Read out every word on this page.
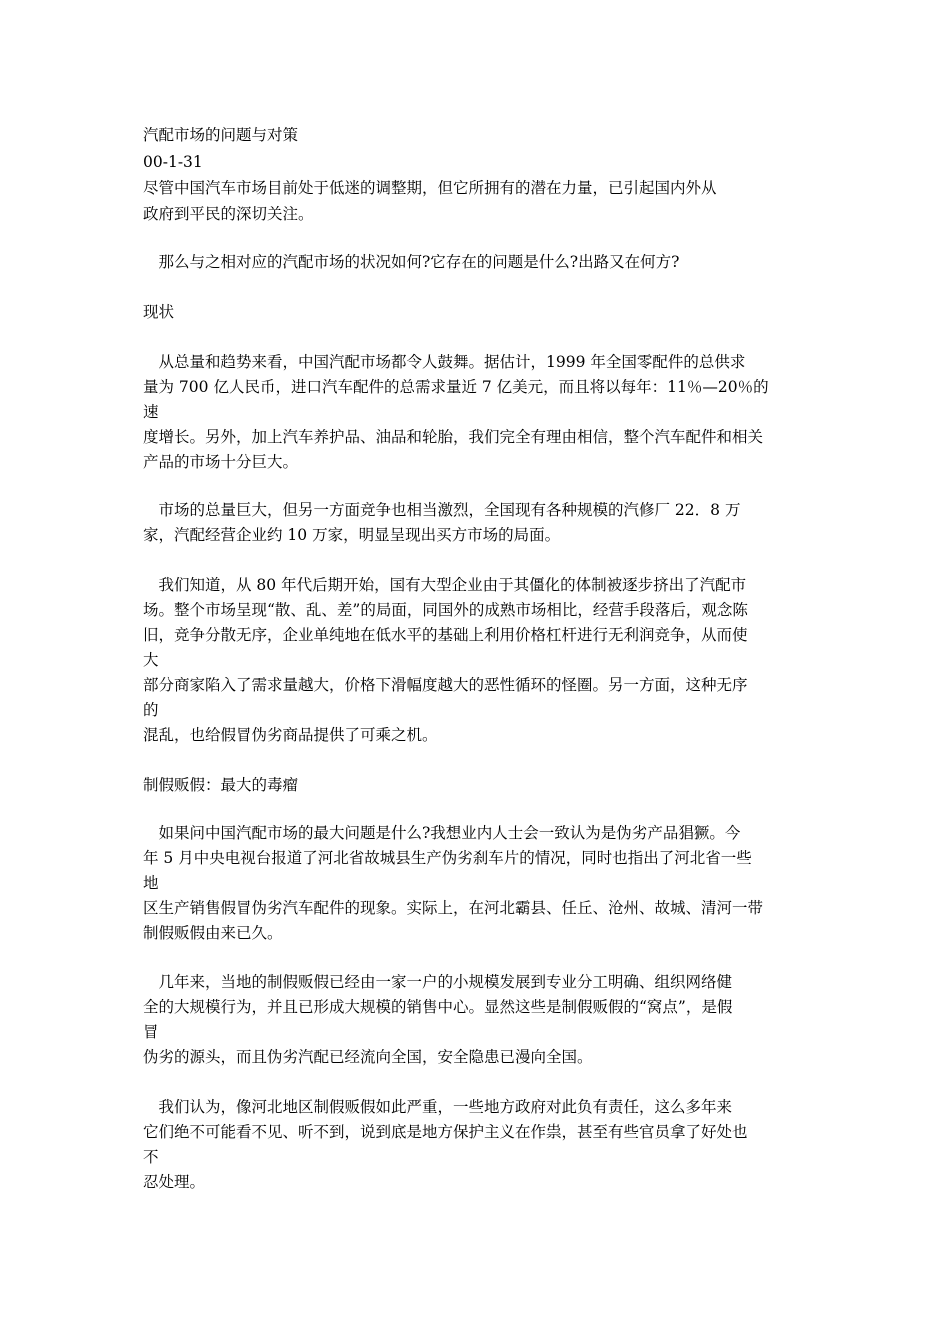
汽配市场的问题与对策
00-1-31
尽管中国汽车市场目前处于低迷的调整期，但它所拥有的潜在力量，已引起国内外从
政府到平民的深切关注。
　那么与之相对应的汽配市场的状况如何?它存在的问题是什么?出路又在何方?
现状
　从总量和趋势来看，中国汽配市场都令人鼓舞。据估计，1999 年全国零配件的总供求
量为 700 亿人民币，进口汽车配件的总需求量近 7 亿美元，而且将以每年：11％—20％的
速
度增长。另外，加上汽车养护品、油品和轮胎，我们完全有理由相信，整个汽车配件和相关
产品的市场十分巨大。
　市场的总量巨大，但另一方面竞争也相当激烈，全国现有各种规模的汽修厂 22．8 万
家，汽配经营企业约 10 万家，明显呈现出买方市场的局面。
　我们知道，从 80 年代后期开始，国有大型企业由于其僵化的体制被逐步挤出了汽配市
场。整个市场呈现“散、乱、差”的局面，同国外的成熟市场相比，经营手段落后，观念陈
旧，竞争分散无序，企业单纯地在低水平的基础上利用价格杠杆进行无利润竞争，从而使
大
部分商家陷入了需求量越大，价格下滑幅度越大的恶性循环的怪圈。另一方面，这种无序
的
混乱，也给假冒伪劣商品提供了可乘之机。
制假贩假：最大的毒瘤
　如果问中国汽配市场的最大问题是什么?我想业内人士会一致认为是伪劣产品猖獗。今
年 5 月中央电视台报道了河北省故城县生产伪劣刹车片的情况，同时也指出了河北省一些
地
区生产销售假冒伪劣汽车配件的现象。实际上，在河北霸县、任丘、沧州、故城、清河一带
制假贩假由来已久。
　几年来，当地的制假贩假已经由一家一户的小规模发展到专业分工明确、组织网络健
全的大规模行为，并且已形成大规模的销售中心。显然这些是制假贩假的“窝点”，是假
冒
伪劣的源头，而且伪劣汽配已经流向全国，安全隐患已漫向全国。
　我们认为，像河北地区制假贩假如此严重，一些地方政府对此负有责任，这么多年来
它们绝不可能看不见、听不到，说到底是地方保护主义在作祟，甚至有些官员拿了好处也
不
忍处理。
